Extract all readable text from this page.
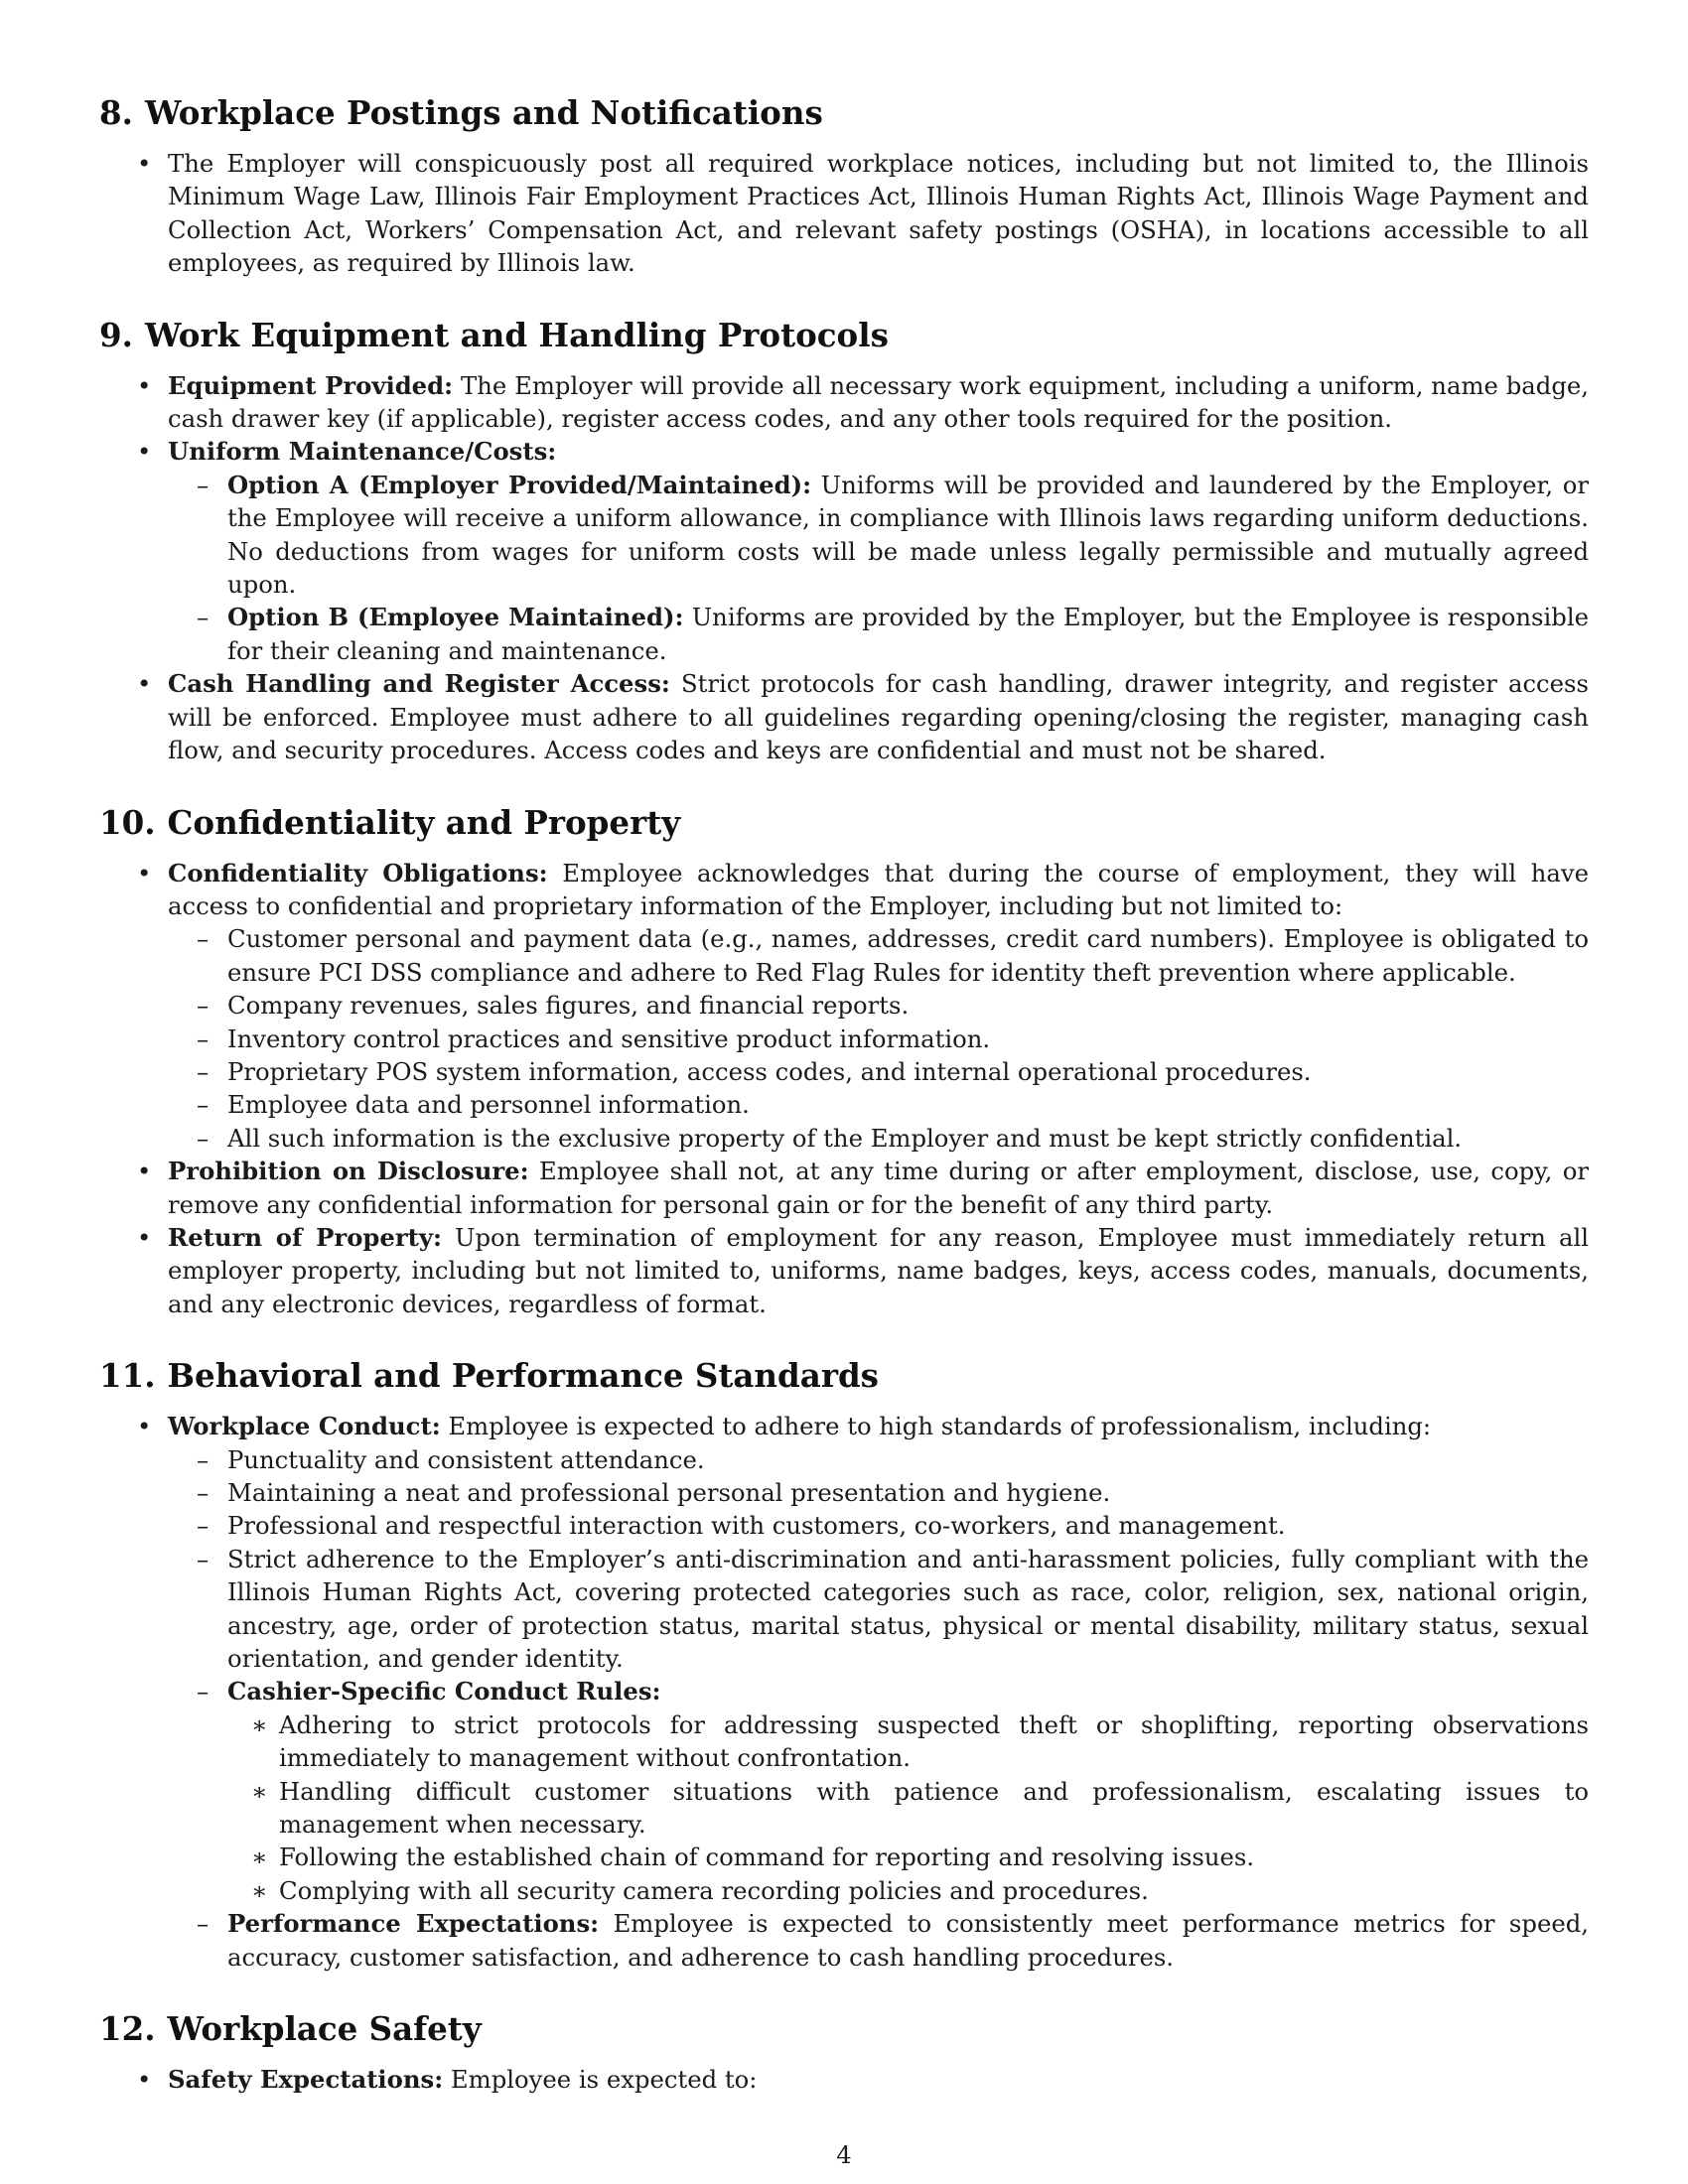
8. Workplace Postings and Notifications
• The Employer will conspicuously post all required workplace notices, including but not limited to, the Illinois Minimum Wage Law, Illinois Fair Employment Practices Act, Illinois Human Rights Act, Illinois Wage Payment and Collection Act, Workers’ Compensation Act, and relevant safety postings (OSHA), in locations accessible to all employees, as required by Illinois law.
9. Work Equipment and Handling Protocols
• Equipment Provided: The Employer will provide all necessary work equipment, including a uniform, name badge, cash drawer key (if applicable), register access codes, and any other tools required for the position.
• Uniform Maintenance/Costs:
– Option A (Employer Provided/Maintained): Uniforms will be provided and laundered by the Employer, or the Employee will receive a uniform allowance, in compliance with Illinois laws regarding uniform deductions. No deductions from wages for uniform costs will be made unless legally permissible and mutually agreed upon.
– Option B (Employee Maintained): Uniforms are provided by the Employer, but the Employee is responsible for their cleaning and maintenance.
• Cash Handling and Register Access: Strict protocols for cash handling, drawer integrity, and register access will be enforced. Employee must adhere to all guidelines regarding opening/closing the register, managing cash flow, and security procedures. Access codes and keys are confidential and must not be shared.
10. Confidentiality and Property
• Confidentiality Obligations: Employee acknowledges that during the course of employment, they will have access to confidential and proprietary information of the Employer, including but not limited to:
– Customer personal and payment data (e.g., names, addresses, credit card numbers). Employee is obligated to ensure PCI DSS compliance and adhere to Red Flag Rules for identity theft prevention where applicable.
– Company revenues, sales figures, and financial reports.
– Inventory control practices and sensitive product information.
– Proprietary POS system information, access codes, and internal operational procedures.
– Employee data and personnel information.
– All such information is the exclusive property of the Employer and must be kept strictly confidential.
• Prohibition on Disclosure: Employee shall not, at any time during or after employment, disclose, use, copy, or remove any confidential information for personal gain or for the benefit of any third party.
• Return of Property: Upon termination of employment for any reason, Employee must immediately return all employer property, including but not limited to, uniforms, name badges, keys, access codes, manuals, documents, and any electronic devices, regardless of format.
11. Behavioral and Performance Standards
• Workplace Conduct: Employee is expected to adhere to high standards of professionalism, including:
– Punctuality and consistent attendance.
– Maintaining a neat and professional personal presentation and hygiene.
– Professional and respectful interaction with customers, co-workers, and management.
– Strict adherence to the Employer’s anti-discrimination and anti-harassment policies, fully compliant with the Illinois Human Rights Act, covering protected categories such as race, color, religion, sex, national origin, ancestry, age, order of protection status, marital status, physical or mental disability, military status, sexual orientation, and gender identity.
– Cashier-Specific Conduct Rules:
∗ Adhering to strict protocols for addressing suspected theft or shoplifting, reporting observations immediately to management without confrontation.
∗ Handling difficult customer situations with patience and professionalism, escalating issues to management when necessary.
∗ Following the established chain of command for reporting and resolving issues.
∗ Complying with all security camera recording policies and procedures.
– Performance Expectations: Employee is expected to consistently meet performance metrics for speed, accuracy, customer satisfaction, and adherence to cash handling procedures.
12. Workplace Safety
• Safety Expectations: Employee is expected to:
4
